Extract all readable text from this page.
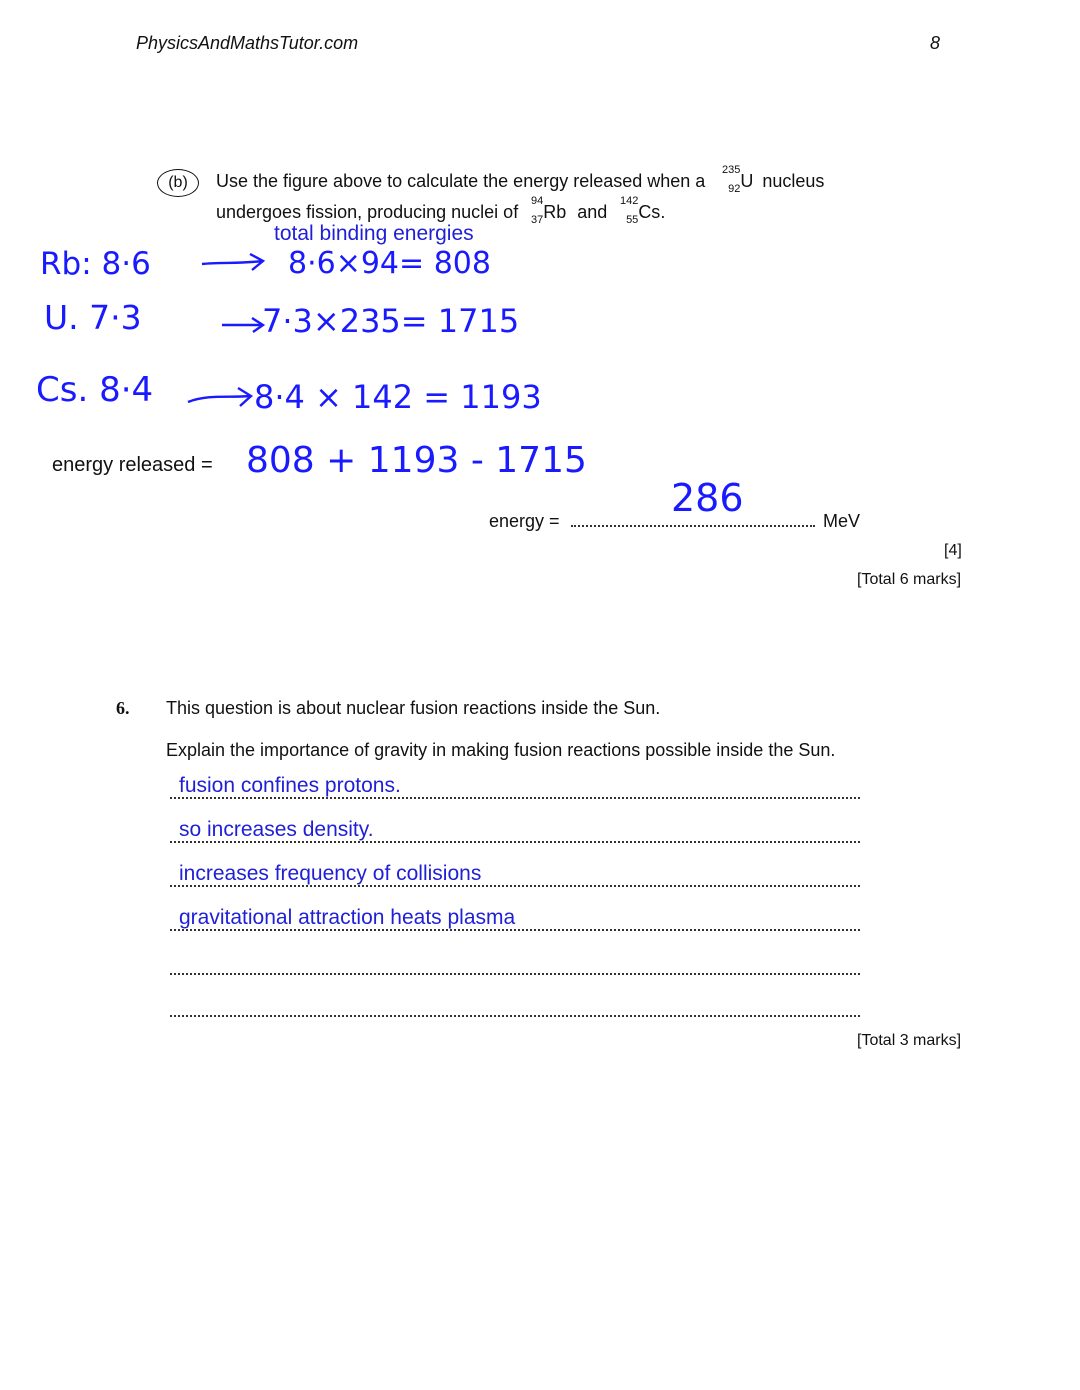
PhysicsAndMathsTutor.com	8
(b)	Use the figure above to calculate the energy released when a
235
92 U nucleus
undergoes fission, producing nuclei of
94
37 Rb and
142
55 Cs.
total binding energies
Rb: 8·6	8·6×94= 808
U. 7·3	7·3×235= 1715
Cs. 8·4	8·4 × 142 = 1193
energy released = 808 + 1193 - 1715
energy =
286
MeV
[4]
[Total 6 marks]
6. This question is about nuclear fusion reactions inside the Sun.
Explain the importance of gravity in making fusion reactions possible inside the Sun.
fusion confines protons.
so increases density.
increases frequency of collisions
gravitational attraction heats plasma
[Total 3 marks]
